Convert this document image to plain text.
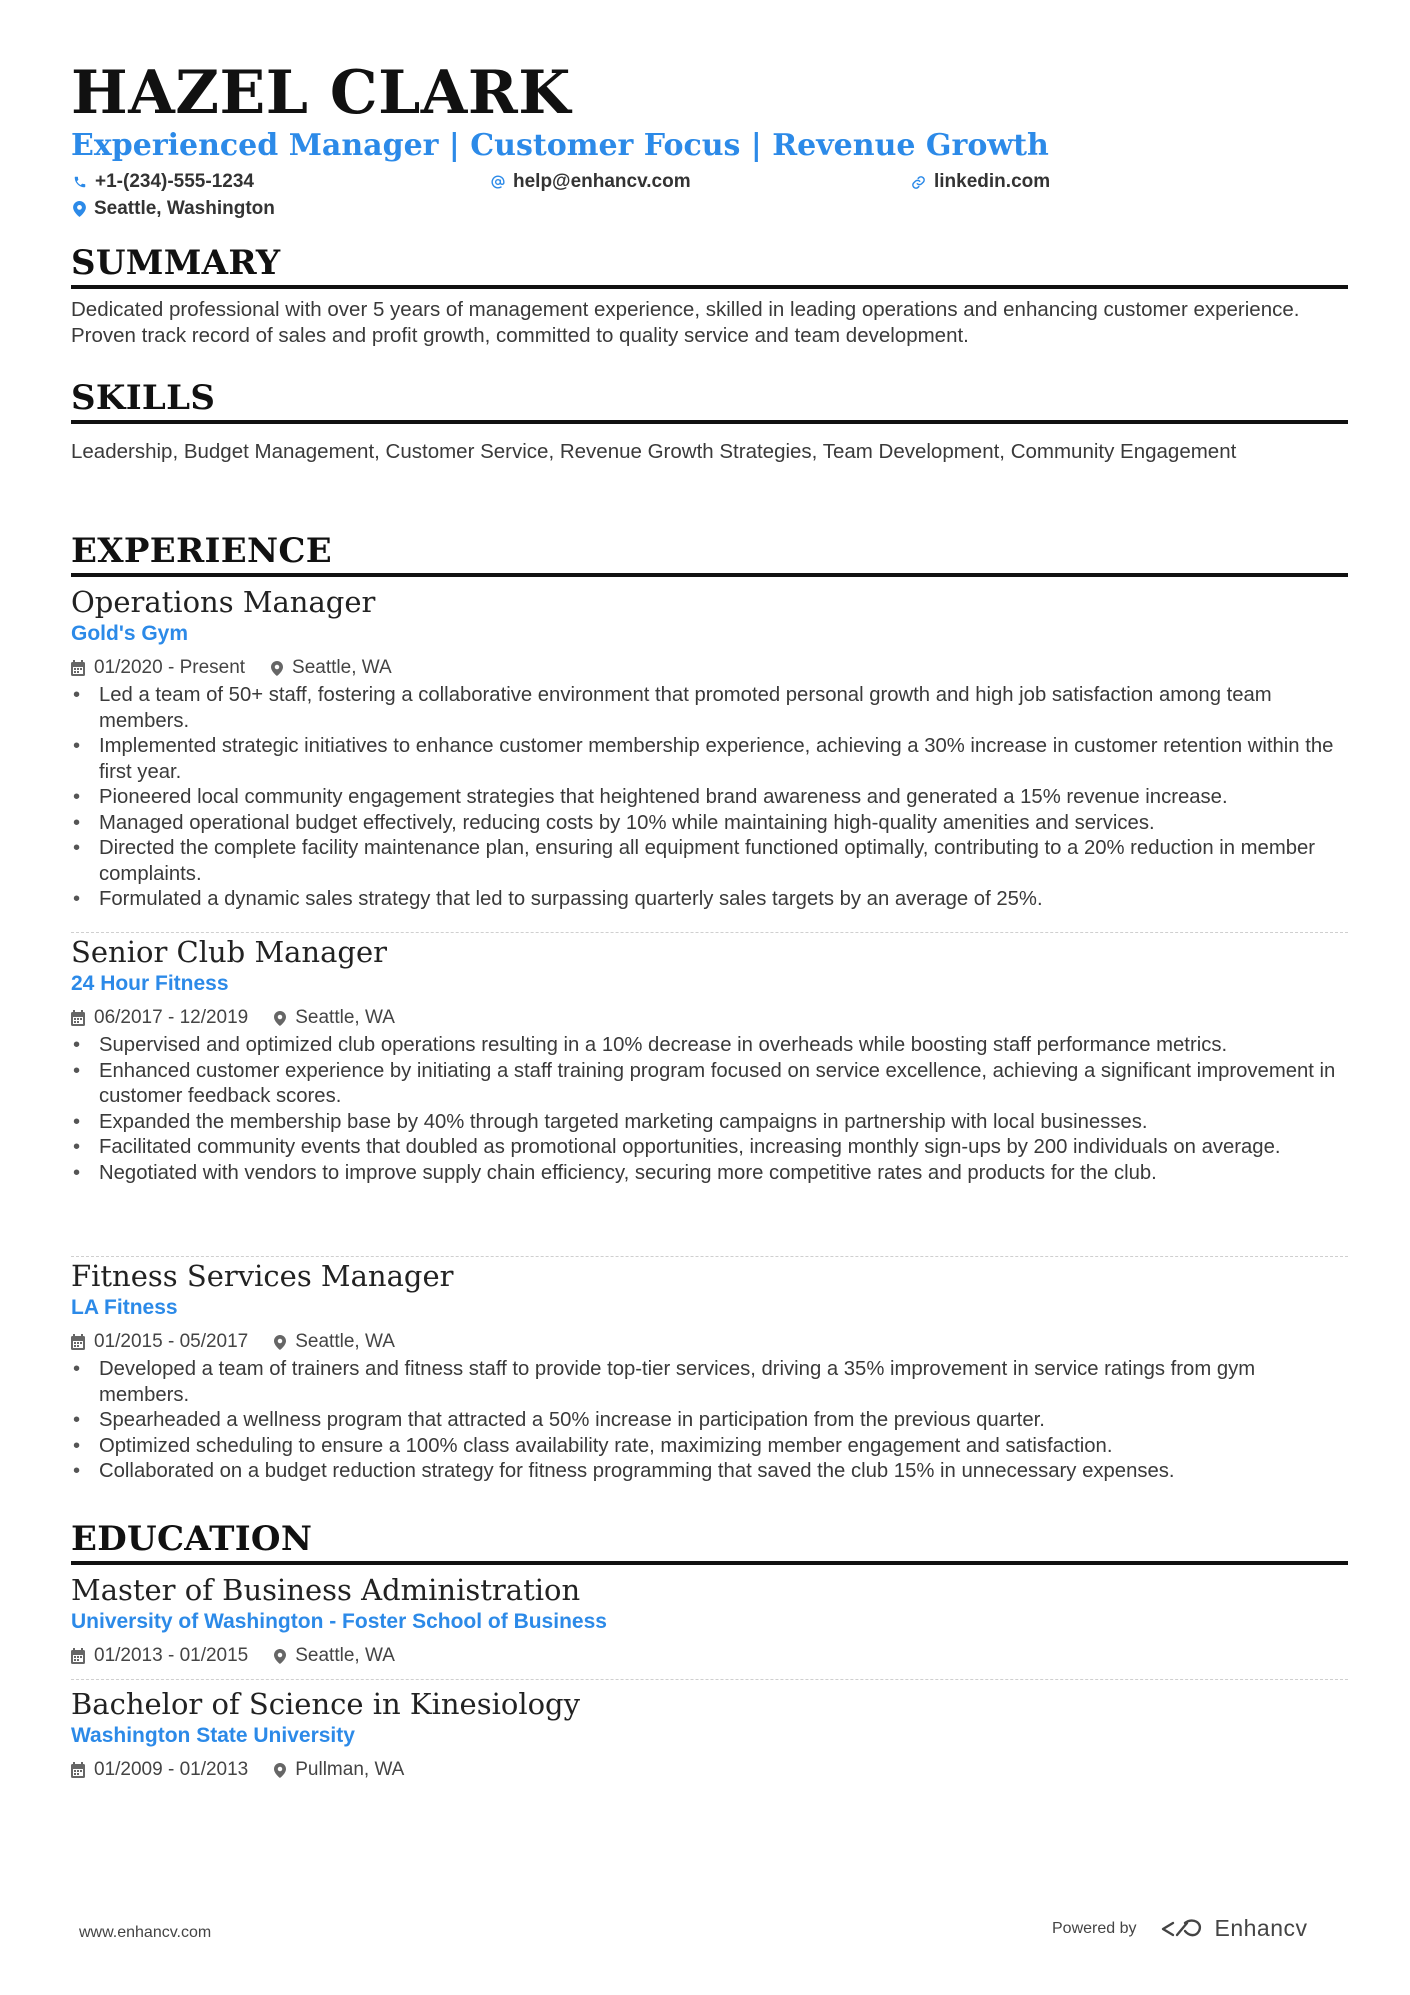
HAZEL CLARK
Experienced Manager | Customer Focus | Revenue Growth
+1-(234)-555-1234	help@enhancv.com	linkedin.com
Seattle, Washington
SUMMARY
Dedicated professional with over 5 years of management experience, skilled in leading operations and enhancing customer experience. Proven track record of sales and profit growth, committed to quality service and team development.
SKILLS
Leadership, Budget Management, Customer Service, Revenue Growth Strategies, Team Development, Community Engagement
EXPERIENCE
Operations Manager
Gold's Gym
01/2020 - Present Seattle, WA
• Led a team of 50+ staff, fostering a collaborative environment that promoted personal growth and high job satisfaction among team members.
• Implemented strategic initiatives to enhance customer membership experience, achieving a 30% increase in customer retention within the first year.
• Pioneered local community engagement strategies that heightened brand awareness and generated a 15% revenue increase.
• Managed operational budget effectively, reducing costs by 10% while maintaining high-quality amenities and services.
• Directed the complete facility maintenance plan, ensuring all equipment functioned optimally, contributing to a 20% reduction in member complaints.
• Formulated a dynamic sales strategy that led to surpassing quarterly sales targets by an average of 25%.
Senior Club Manager
24 Hour Fitness
06/2017 - 12/2019 Seattle, WA
• Supervised and optimized club operations resulting in a 10% decrease in overheads while boosting staff performance metrics.
• Enhanced customer experience by initiating a staff training program focused on service excellence, achieving a significant improvement in customer feedback scores.
• Expanded the membership base by 40% through targeted marketing campaigns in partnership with local businesses.
• Facilitated community events that doubled as promotional opportunities, increasing monthly sign-ups by 200 individuals on average.
• Negotiated with vendors to improve supply chain efficiency, securing more competitive rates and products for the club.
Fitness Services Manager
LA Fitness
01/2015 - 05/2017 Seattle, WA
• Developed a team of trainers and fitness staff to provide top-tier services, driving a 35% improvement in service ratings from gym members.
• Spearheaded a wellness program that attracted a 50% increase in participation from the previous quarter.
• Optimized scheduling to ensure a 100% class availability rate, maximizing member engagement and satisfaction.
• Collaborated on a budget reduction strategy for fitness programming that saved the club 15% in unnecessary expenses.
EDUCATION
Master of Business Administration
University of Washington - Foster School of Business
01/2013 - 01/2015 Seattle, WA
Bachelor of Science in Kinesiology
Washington State University
01/2009 - 01/2013 Pullman, WA
www.enhancv.com	Powered by	Enhancv
